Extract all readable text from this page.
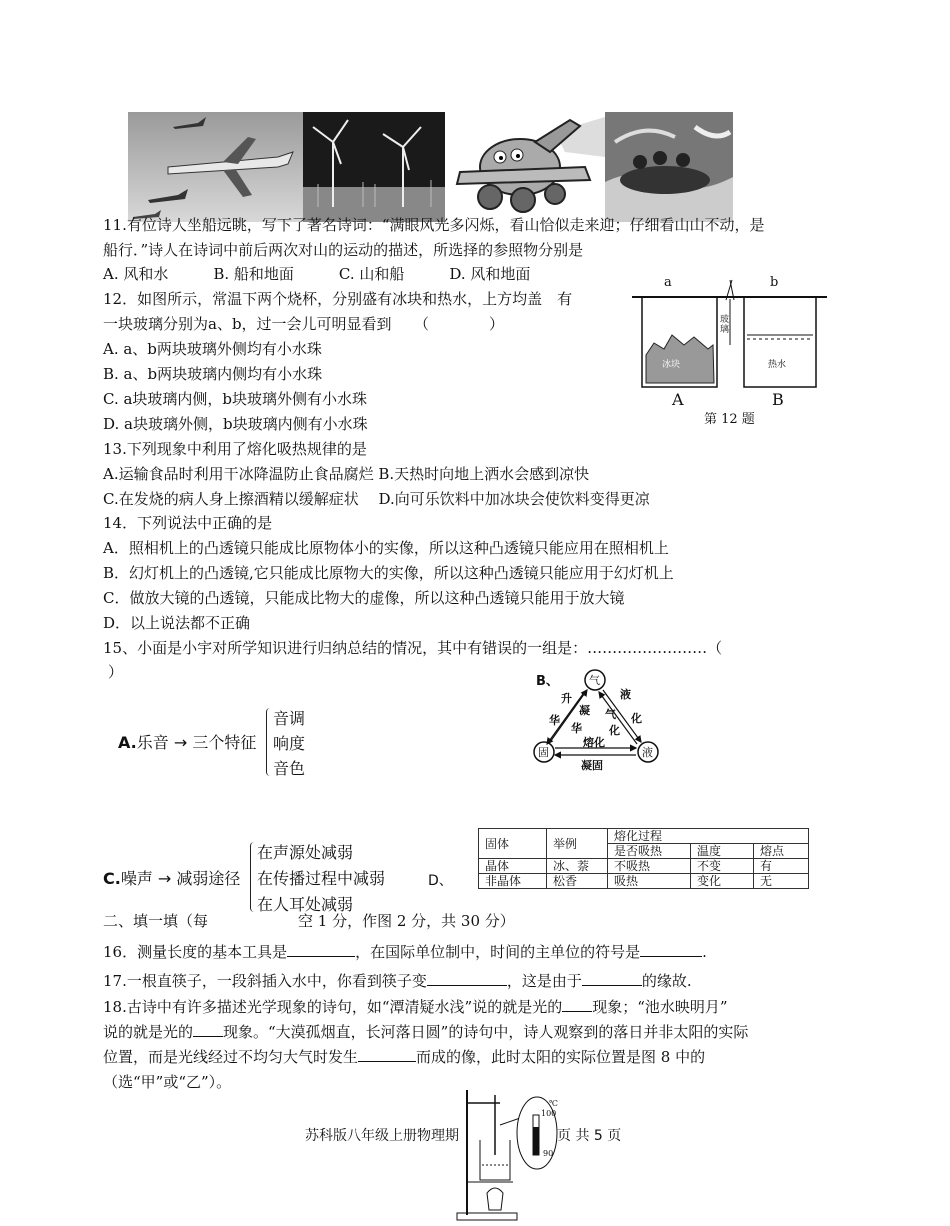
11.有位诗人坐船远眺，写下了著名诗词：“满眼风光多闪烁，看山恰似走来迎；仔细看山山不动，是
船行．”诗人在诗词中前后两次对山的运动的描述，所选择的参照物分别是
A. 风和水　　　B. 船和地面　　　C. 山和船　　　D. 风和地面
12．如图所示，常温下两个烧杯，分别盛有冰块和热水，上方均盖　有
一块玻璃分别为a、b，过一会儿可明显看到　　（　　　　）
A. a、b两块玻璃外侧均有小水珠
B. a、b两块玻璃内侧均有小水珠
C. a块玻璃内侧，b块玻璃外侧有小水珠
D. a块玻璃外侧，b块玻璃内侧有小水珠
a	b
玻璃
冰块	热水
A	B
第 12 题
13.下列现象中利用了熔化吸热规律的是
A.运输食品时利用干冰降温防止食品腐烂 B.天热时向地上洒水会感到凉快
C.在发烧的病人身上擦酒精以缓解症状　 D.向可乐饮料中加冰块会使饮料变得更凉
14．下列说法中正确的是
A．照相机上的凸透镜只能成比原物体小的实像，所以这种凸透镜只能应用在照相机上
B．幻灯机上的凸透镜,它只能成比原物大的实像，所以这种凸透镜只能应用于幻灯机上
C．做放大镜的凸透镜，只能成比物大的虚像，所以这种凸透镜只能用于放大镜
D．以上说法都不正确
15、小面是小宇对所学知识进行归纳总结的情况，其中有错误的一组是：……………………（
）
A.乐音 → 三个特征
音调
响度
音色
B、	气
固	液
升
华
凝
华
气
化
液
化
熔化
凝固
C.噪声 → 减弱途径
在声源处减弱
在传播过程中减弱
在人耳处减弱
D、
固体	举例	熔化过程		
		是否吸热	温度	熔点
晶体	冰、萘	不吸热	不变	有
非晶体	松香	吸热	变化	无
二、填一填（每　　　　　　空 1 分，作图 2 分，共 30 分）
16．测量长度的基本工具是	，在国际单位制中，时间的主单位的符号是	.
17.一根直筷子，一段斜插入水中，你看到筷子变	，这是由于	的缘故.
18.古诗中有许多描述光学现象的诗句，如“潭清疑水浅”说的就是光的 现象；“池水映明月”
说的就是光的 现象。“大漠孤烟直，长河落日圆”的诗句中，诗人观察到的落日并非太阳的实际
位置，而是光线经过不均匀大气时发生	而成的像，此时太阳的实际位置是图 8 中的
（选“甲”或“乙”）。
℃
100
90
苏科版八年级上册物理期　　　　　　　页 共 5 页
